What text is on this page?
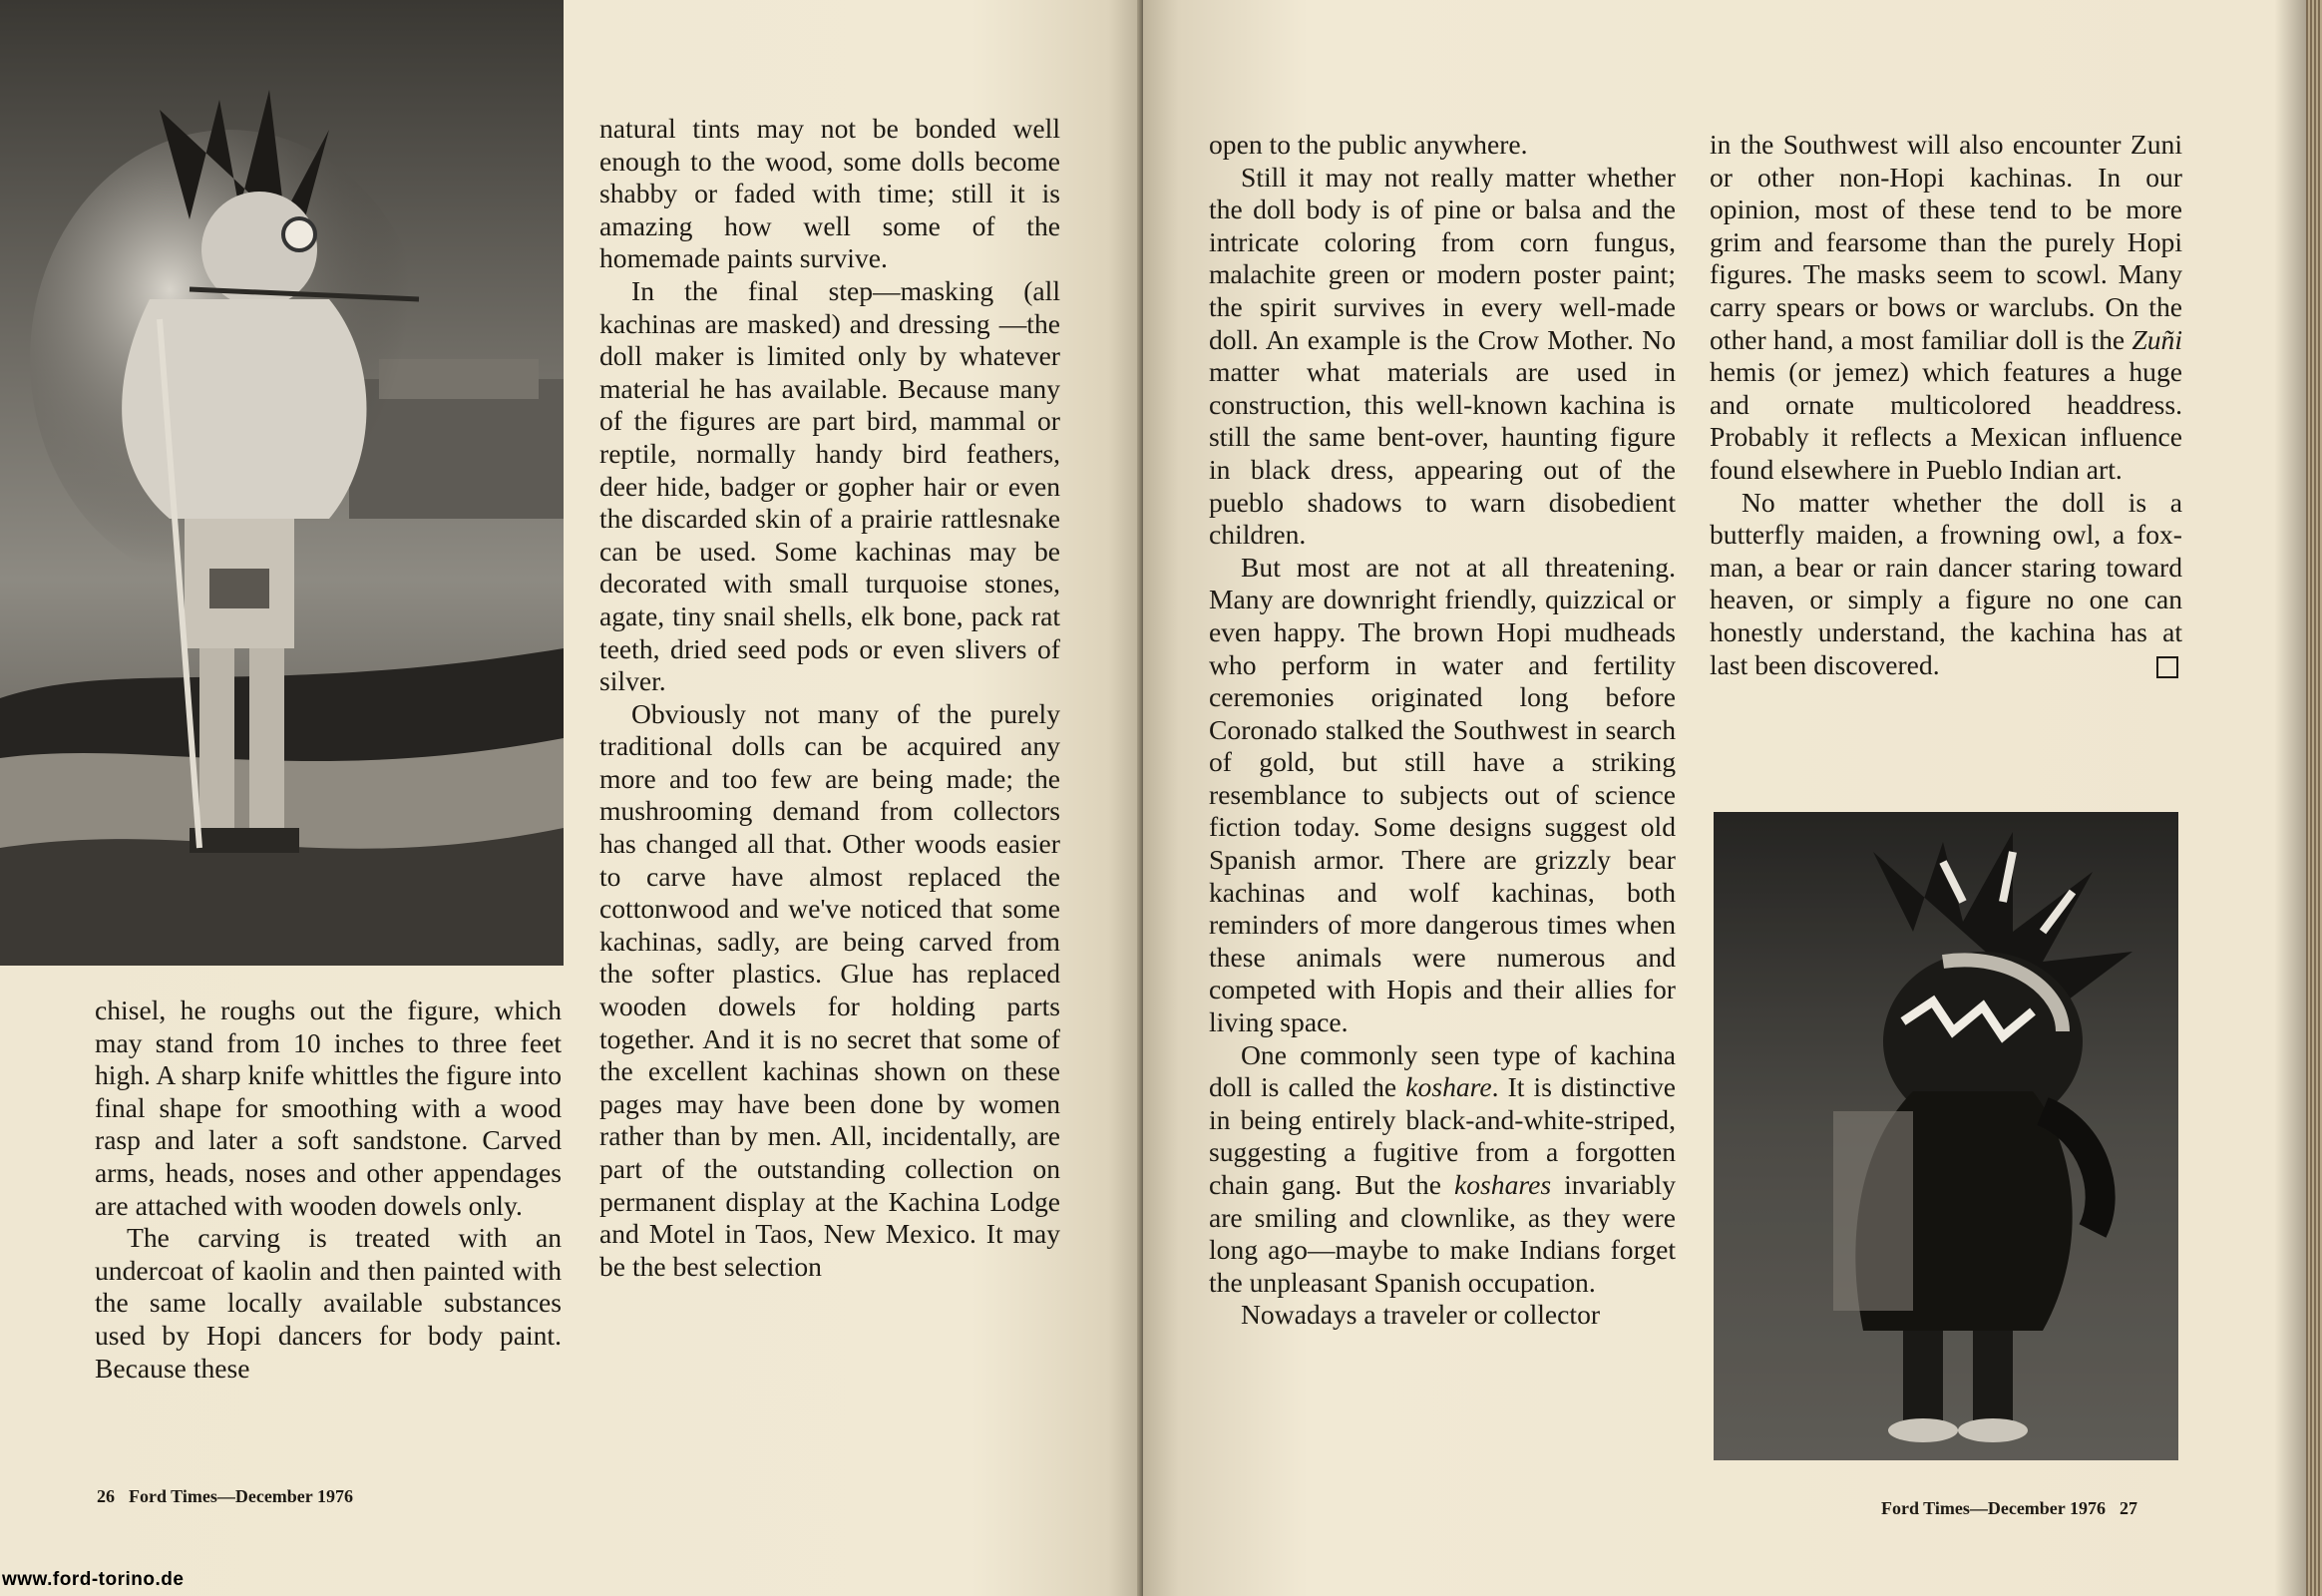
chisel, he roughs out the figure, which may stand from 10 inches to three feet high. A sharp knife whittles the figure into final shape for smoothing with a wood rasp and later a soft sandstone. Carved arms, heads, noses and other appendages are attached with wooden dowels only.

The carving is treated with an undercoat of kaolin and then painted with the same locally available substances used by Hopi dancers for body paint. Because these

natural tints may not be bonded well enough to the wood, some dolls become shabby or faded with time; still it is amazing how well some of the homemade paints survive.

In the final step—masking (all kachinas are masked) and dressing —the doll maker is limited only by whatever material he has available. Because many of the figures are part bird, mammal or reptile, normally handy bird feathers, deer hide, badger or gopher hair or even the discarded skin of a prairie rattlesnake can be used. Some kachinas may be decorated with small turquoise stones, agate, tiny snail shells, elk bone, pack rat teeth, dried seed pods or even slivers of silver.

Obviously not many of the purely traditional dolls can be acquired any more and too few are being made; the mushrooming demand from collectors has changed all that. Other woods easier to carve have almost replaced the cottonwood and we've noticed that some kachinas, sadly, are being carved from the softer plastics. Glue has replaced wooden dowels for holding parts together. And it is no secret that some of the excellent kachinas shown on these pages may have been done by women rather than by men. All, incidentally, are part of the outstanding collection on permanent display at the Kachina Lodge and Motel in Taos, New Mexico. It may be the best selection

26 Ford Times—December 1976
www.ford-torino.de

open to the public anywhere.

Still it may not really matter whether the doll body is of pine or balsa and the intricate coloring from corn fungus, malachite green or modern poster paint; the spirit survives in every well-made doll. An example is the Crow Mother. No matter what materials are used in construction, this well-known kachina is still the same bent-over, haunting figure in black dress, appearing out of the pueblo shadows to warn disobedient children.

But most are not at all threatening. Many are downright friendly, quizzical or even happy. The brown Hopi mudheads who perform in water and fertility ceremonies originated long before Coronado stalked the Southwest in search of gold, but still have a striking resemblance to subjects out of science fiction today. Some designs suggest old Spanish armor. There are grizzly bear kachinas and wolf kachinas, both reminders of more dangerous times when these animals were numerous and competed with Hopis and their allies for living space.

One commonly seen type of kachina doll is called the koshare. It is distinctive in being entirely black-and-white-striped, suggesting a fugitive from a forgotten chain gang. But the koshares invariably are smiling and clownlike, as they were long ago—maybe to make Indians forget the unpleasant Spanish occupation.

Nowadays a traveler or collector

in the Southwest will also encounter Zuni or other non-Hopi kachinas. In our opinion, most of these tend to be more grim and fearsome than the purely Hopi figures. The masks seem to scowl. Many carry spears or bows or warclubs. On the other hand, a most familiar doll is the Zuñi hemis (or jemez) which features a huge and ornate multicolored headdress. Probably it reflects a Mexican influence found elsewhere in Pueblo Indian art.

No matter whether the doll is a butterfly maiden, a frowning owl, a fox-man, a bear or rain dancer staring toward heaven, or simply a figure no one can honestly understand, the kachina has at last been discovered.

Ford Times—December 1976 27
